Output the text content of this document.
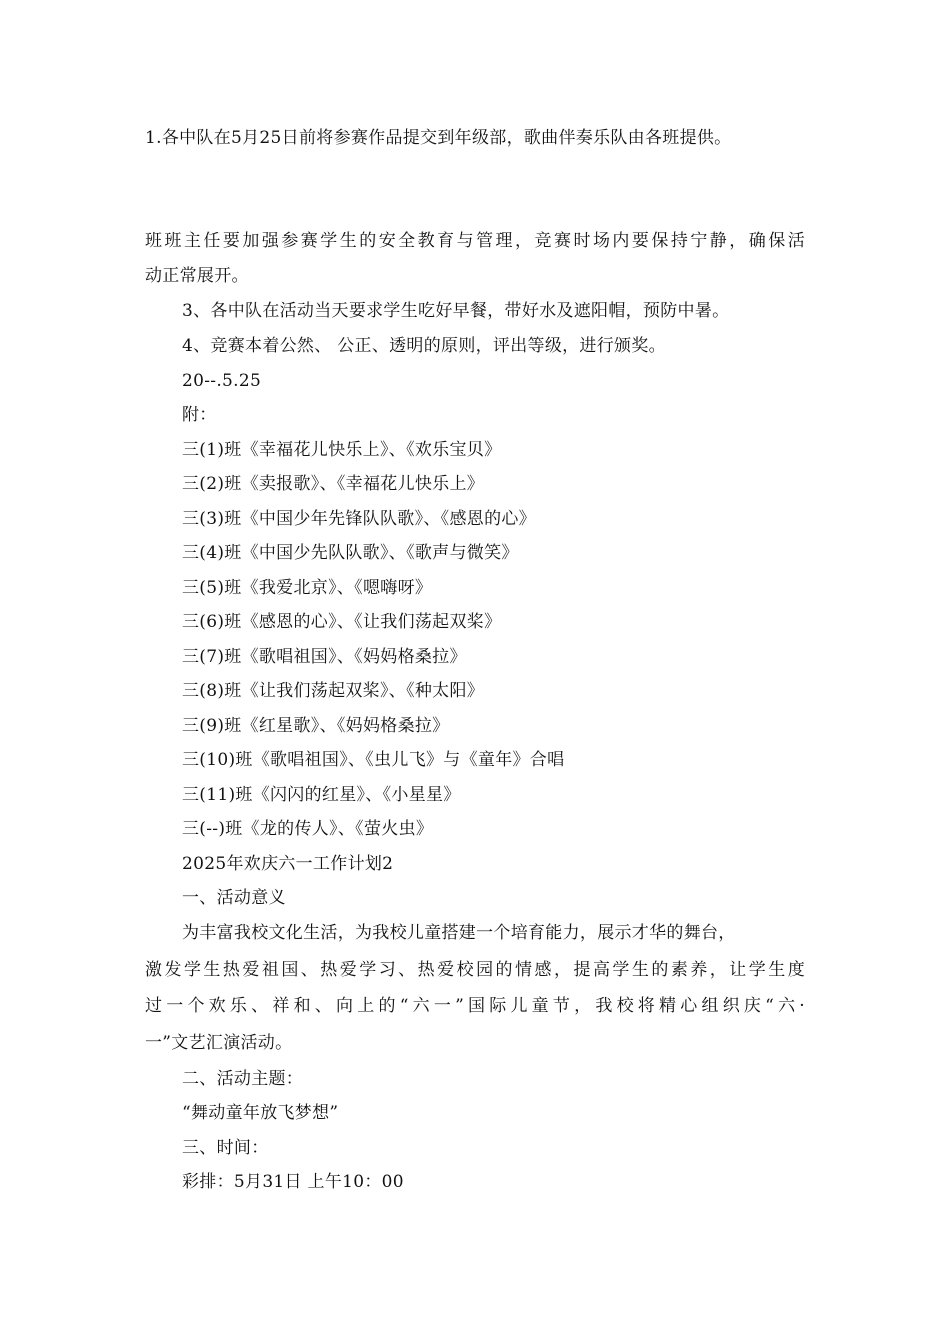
1.各中队在5月25日前将参赛作品提交到年级部，歌曲伴奏乐队由各班提供。
班班主任要加强参赛学生的安全教育与管理，竞赛时场内要保持宁静，确保活
动正常展开。
3、各中队在活动当天要求学生吃好早餐，带好水及遮阳帽，预防中暑。
4、竞赛本着公然、 公正、透明的原则，评出等级，进行颁奖。
20--.5.25
附：
三(1)班《幸福花儿快乐上》、《欢乐宝贝》
三(2)班《卖报歌》、《幸福花儿快乐上》
三(3)班《中国少年先锋队队歌》、《感恩的心》
三(4)班《中国少先队队歌》、《歌声与微笑》
三(5)班《我爱北京》、《嗯嗨呀》
三(6)班《感恩的心》、《让我们荡起双桨》
三(7)班《歌唱祖国》、《妈妈格桑拉》
三(8)班《让我们荡起双桨》、《种太阳》
三(9)班《红星歌》、《妈妈格桑拉》
三(10)班《歌唱祖国》、《虫儿飞》与《童年》合唱
三(11)班《闪闪的红星》、《小星星》
三(--)班《龙的传人》、《萤火虫》
2025年欢庆六一工作计划2
一、活动意义
为丰富我校文化生活，为我校儿童搭建一个培育能力，展示才华的舞台，
激发学生热爱祖国、热爱学习、热爱校园的情感，提高学生的素养，让学生度
过一个欢乐、祥和、向上的“六一”国际儿童节，我校将精心组织庆“六·
一”文艺汇演活动。
二、活动主题：
“舞动童年放飞梦想”
三、时间：
彩排：5月31日 上午10：00
